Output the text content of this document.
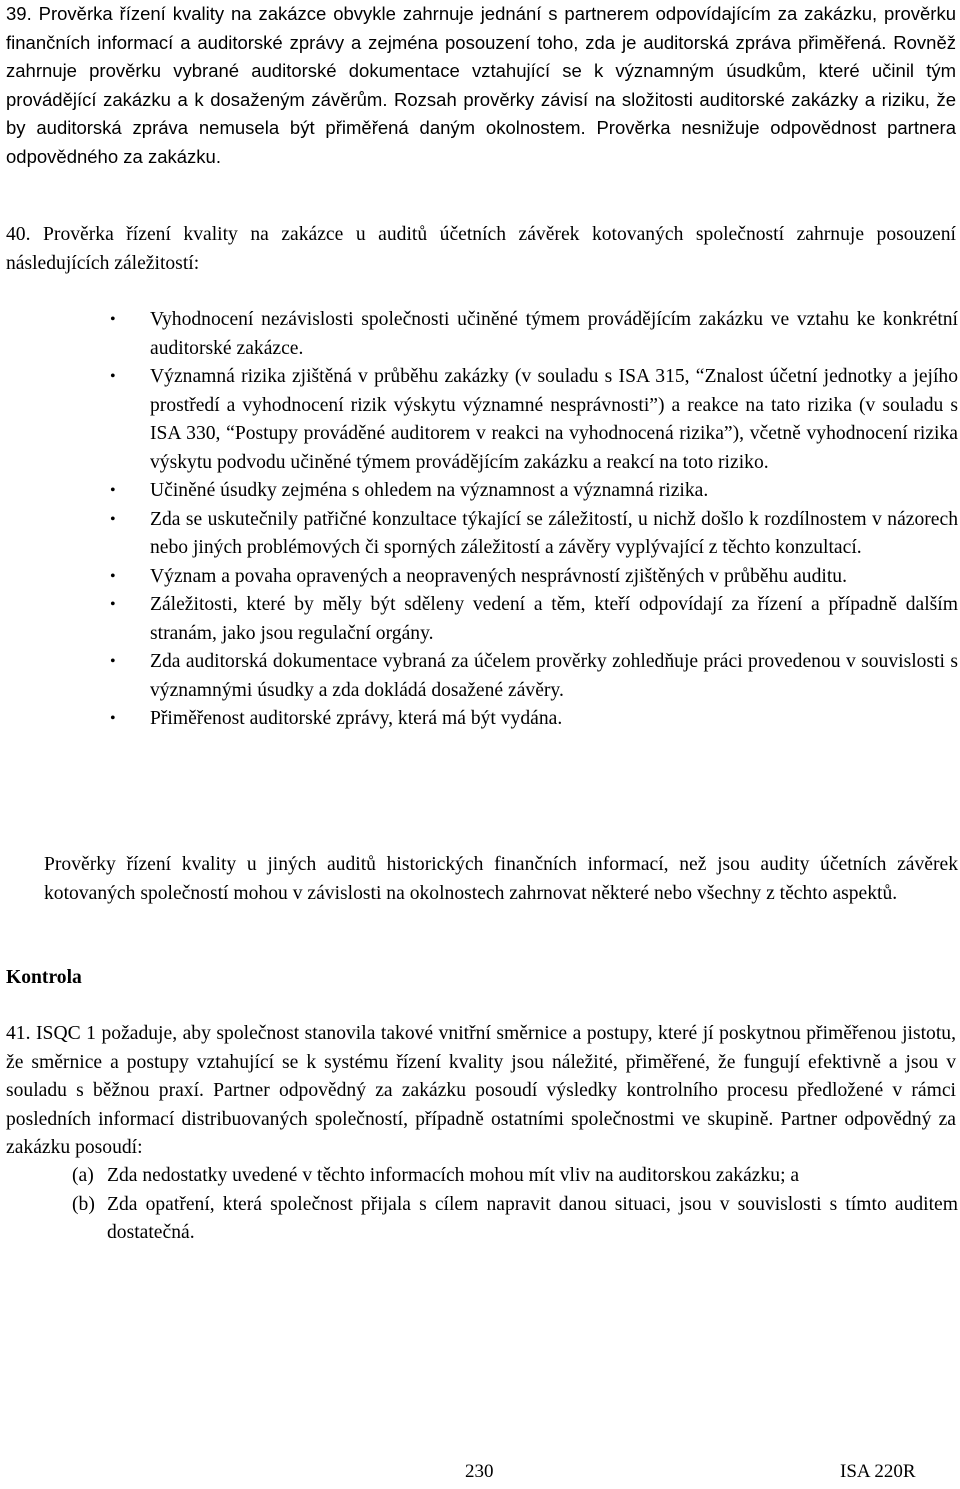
39. Prověrka řízení kvality na zakázce obvykle zahrnuje jednání s partnerem odpovídajícím za zakázku, prověrku finančních informací a auditorské zprávy a zejména posouzení toho, zda je auditorská zpráva přiměřená. Rovněž zahrnuje prověrku vybrané auditorské dokumentace vztahující se k významným úsudkům, které učinil tým provádějící zakázku a k dosaženým závěrům. Rozsah prověrky závisí na složitosti auditorské zakázky a riziku, že by auditorská zpráva nemusela být přiměřená daným okolnostem. Prověrka nesnižuje odpovědnost partnera odpovědného za zakázku.
40. Prověrka řízení kvality na zakázce u auditů účetních závěrek kotovaných společností zahrnuje posouzení následujících záležitostí:
•	Vyhodnocení nezávislosti společnosti učiněné týmem provádějícím zakázku ve vztahu ke konkrétní auditorské zakázce.
•	Významná rizika zjištěná v průběhu zakázky (v souladu s ISA 315, “Znalost účetní jednotky a jejího prostředí a vyhodnocení rizik výskytu významné nesprávnosti”) a reakce na tato rizika (v souladu s ISA 330, “Postupy prováděné auditorem v reakci na vyhodnocená rizika”), včetně vyhodnocení rizika výskytu podvodu učiněné týmem provádějícím zakázku a reakcí na toto riziko.
•	Učiněné úsudky zejména s ohledem na významnost a významná rizika.
•	Zda se uskutečnily patřičné konzultace týkající se záležitostí, u nichž došlo k rozdílnostem v názorech nebo jiných problémových či sporných záležitostí a závěry vyplývající z těchto konzultací.
•	Význam a povaha opravených a neopravených nesprávností zjištěných v průběhu auditu.
•	Záležitosti, které by měly být sděleny vedení a těm, kteří odpovídají za řízení a případně dalším stranám, jako jsou regulační orgány.
•	Zda auditorská dokumentace vybraná za účelem prověrky zohledňuje práci provedenou v souvislosti s významnými úsudky a zda dokládá dosažené závěry.
•	Přiměřenost auditorské zprávy, která má být vydána.
Prověrky řízení kvality u jiných auditů historických finančních informací, než jsou audity účetních závěrek kotovaných společností mohou v závislosti na okolnostech zahrnovat některé nebo všechny z těchto aspektů.
Kontrola
41. ISQC 1 požaduje, aby společnost stanovila takové vnitřní směrnice a postupy, které jí poskytnou přiměřenou jistotu, že směrnice a postupy vztahující se k systému řízení kvality jsou náležité, přiměřené, že fungují efektivně a jsou v souladu s běžnou praxí. Partner odpovědný za zakázku posoudí výsledky kontrolního procesu předložené v rámci posledních informací distribuovaných společností, případně ostatními společnostmi ve skupině. Partner odpovědný za zakázku posoudí:
(a) Zda nedostatky uvedené v těchto informacích mohou mít vliv na auditorskou zakázku; a
(b) Zda opatření, která společnost přijala s cílem napravit danou situaci, jsou v souvislosti s tímto auditem dostatečná.
230	ISA 220R
